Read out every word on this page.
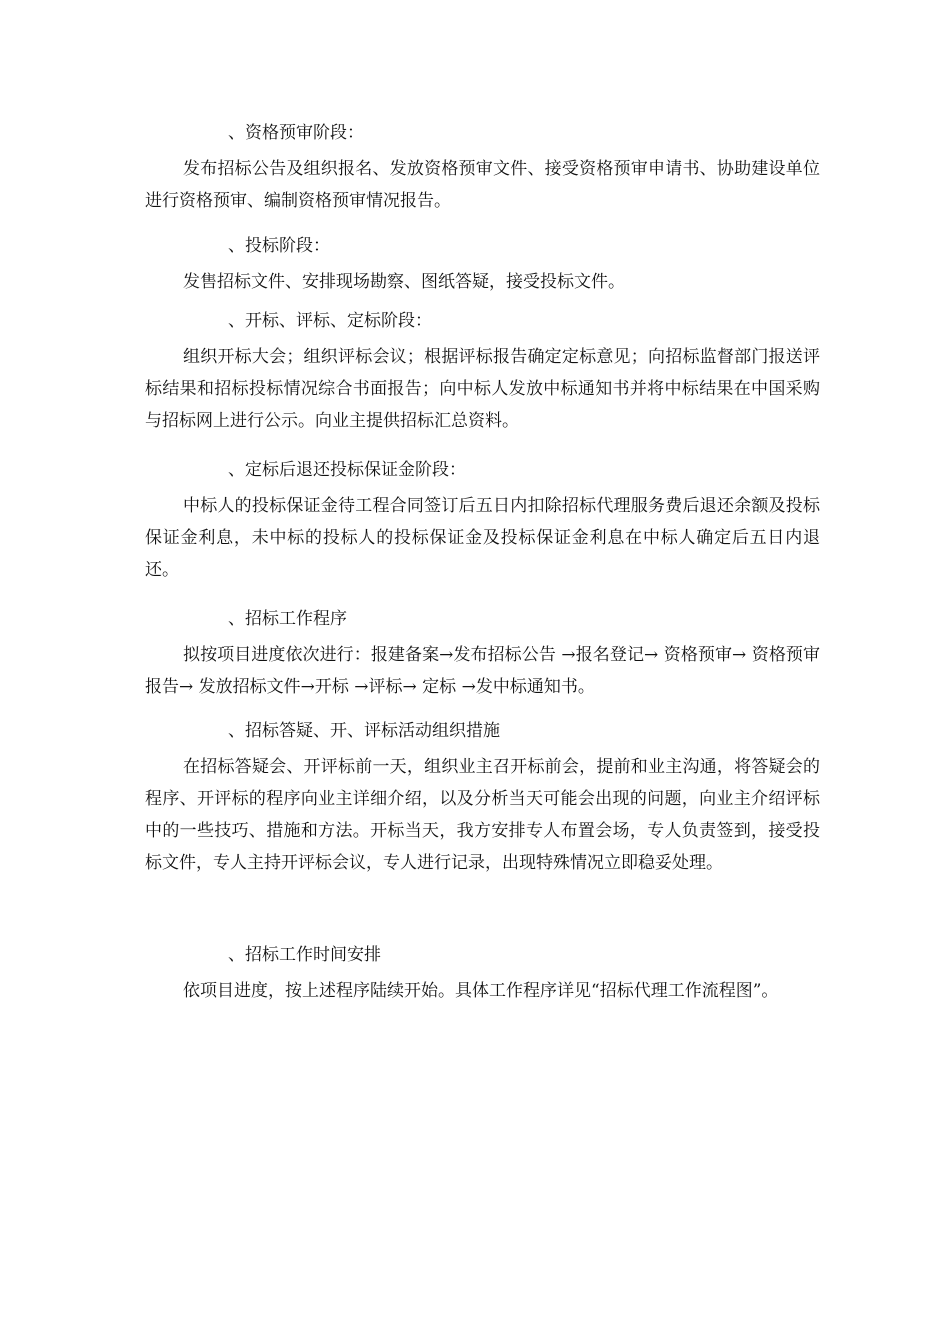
、资格预审阶段：

发布招标公告及组织报名、发放资格预审文件、接受资格预审申请书、协助建设单位进行资格预审、编制资格预审情况报告。

、投标阶段：

发售招标文件、安排现场勘察、图纸答疑，接受投标文件。

、开标、评标、定标阶段：

组织开标大会；组织评标会议；根据评标报告确定定标意见；向招标监督部门报送评标结果和招标投标情况综合书面报告；向中标人发放中标通知书并将中标结果在中国采购与招标网上进行公示。向业主提供招标汇总资料。

、定标后退还投标保证金阶段：

中标人的投标保证金待工程合同签订后五日内扣除招标代理服务费后退还余额及投标保证金利息，未中标的投标人的投标保证金及投标保证金利息在中标人确定后五日内退还。

、招标工作程序

拟按项目进度依次进行：报建备案→发布招标公告 →报名登记→ 资格预审→ 资格预审报告→ 发放招标文件→开标 →评标→ 定标 →发中标通知书。

、招标答疑、开、评标活动组织措施

在招标答疑会、开评标前一天，组织业主召开标前会，提前和业主沟通，将答疑会的程序、开评标的程序向业主详细介绍，以及分析当天可能会出现的问题，向业主介绍评标中的一些技巧、措施和方法。开标当天，我方安排专人布置会场，专人负责签到，接受投标文件，专人主持开评标会议，专人进行记录，出现特殊情况立即稳妥处理。

、招标工作时间安排

依项目进度，按上述程序陆续开始。具体工作程序详见“招标代理工作流程图”。
